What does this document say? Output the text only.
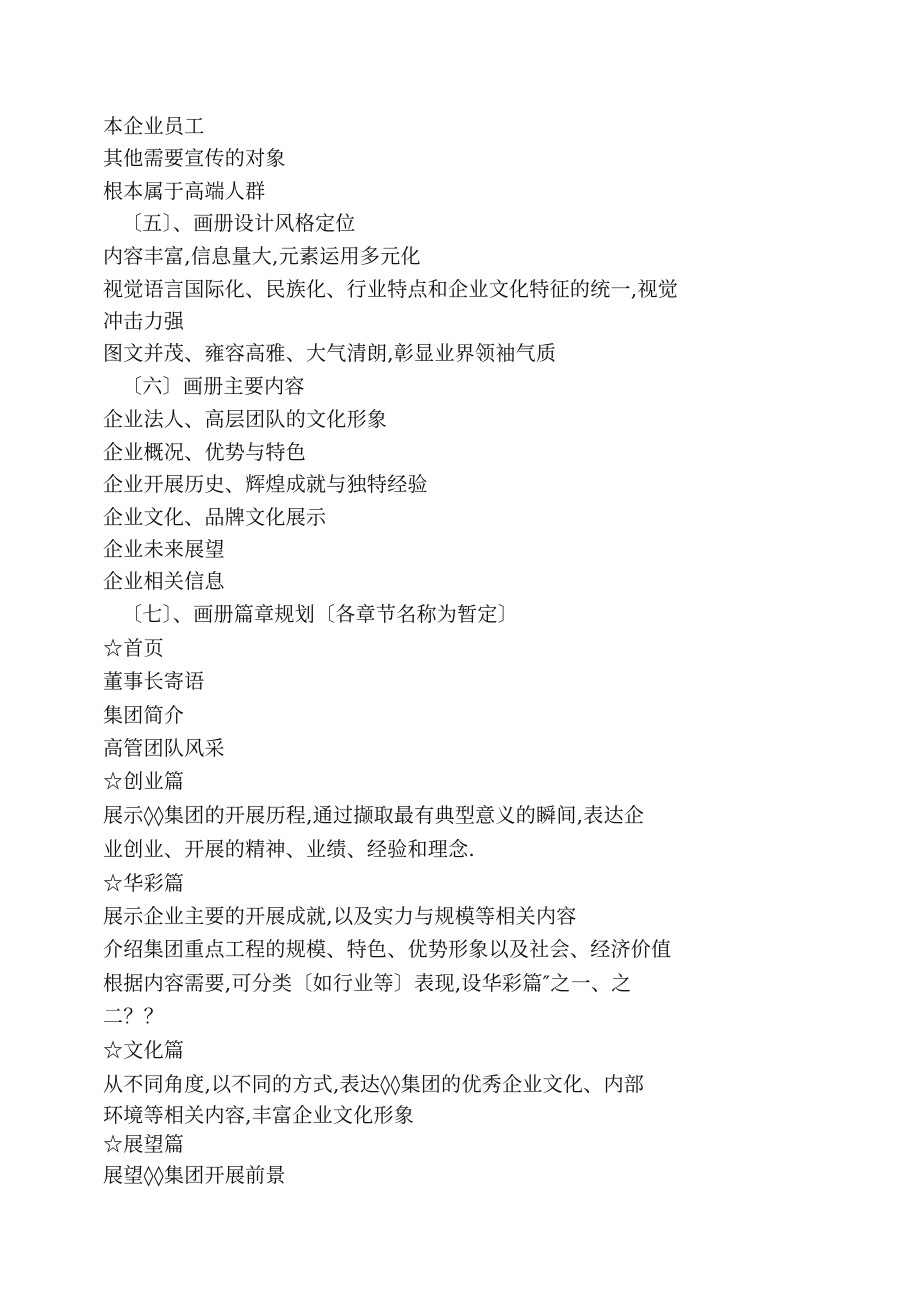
本企业员工
其他需要宣传的对象
根本属于高端人群
〔五〕、画册设计风格定位
内容丰富,信息量大,元素运用多元化
视觉语言国际化、民族化、行业特点和企业文化特征的统一,视觉
冲击力强
图文并茂、雍容高雅、大气清朗,彰显业界领袖气质
〔六〕画册主要内容
企业法人、高层团队的文化形象
企业概况、优势与特色
企业开展历史、辉煌成就与独特经验
企业文化、品牌文化展示
企业未来展望
企业相关信息
〔七〕、画册篇章规划〔各章节名称为暂定〕
☆首页
董事长寄语
集团简介
高管团队风采
☆创业篇
展示◊◊集团的开展历程,通过撷取最有典型意义的瞬间,表达企
业创业、开展的精神、业绩、经验和理念.
☆华彩篇
展示企业主要的开展成就,以及实力与规模等相关内容
介绍集团重点工程的规模、特色、优势形象以及社会、经济价值
根据内容需要,可分类〔如行业等〕表现,设华彩篇″之一、之
二？？
☆文化篇
从不同角度,以不同的方式,表达◊◊集团的优秀企业文化、内部
环境等相关内容,丰富企业文化形象
☆展望篇
展望◊◊集团开展前景
